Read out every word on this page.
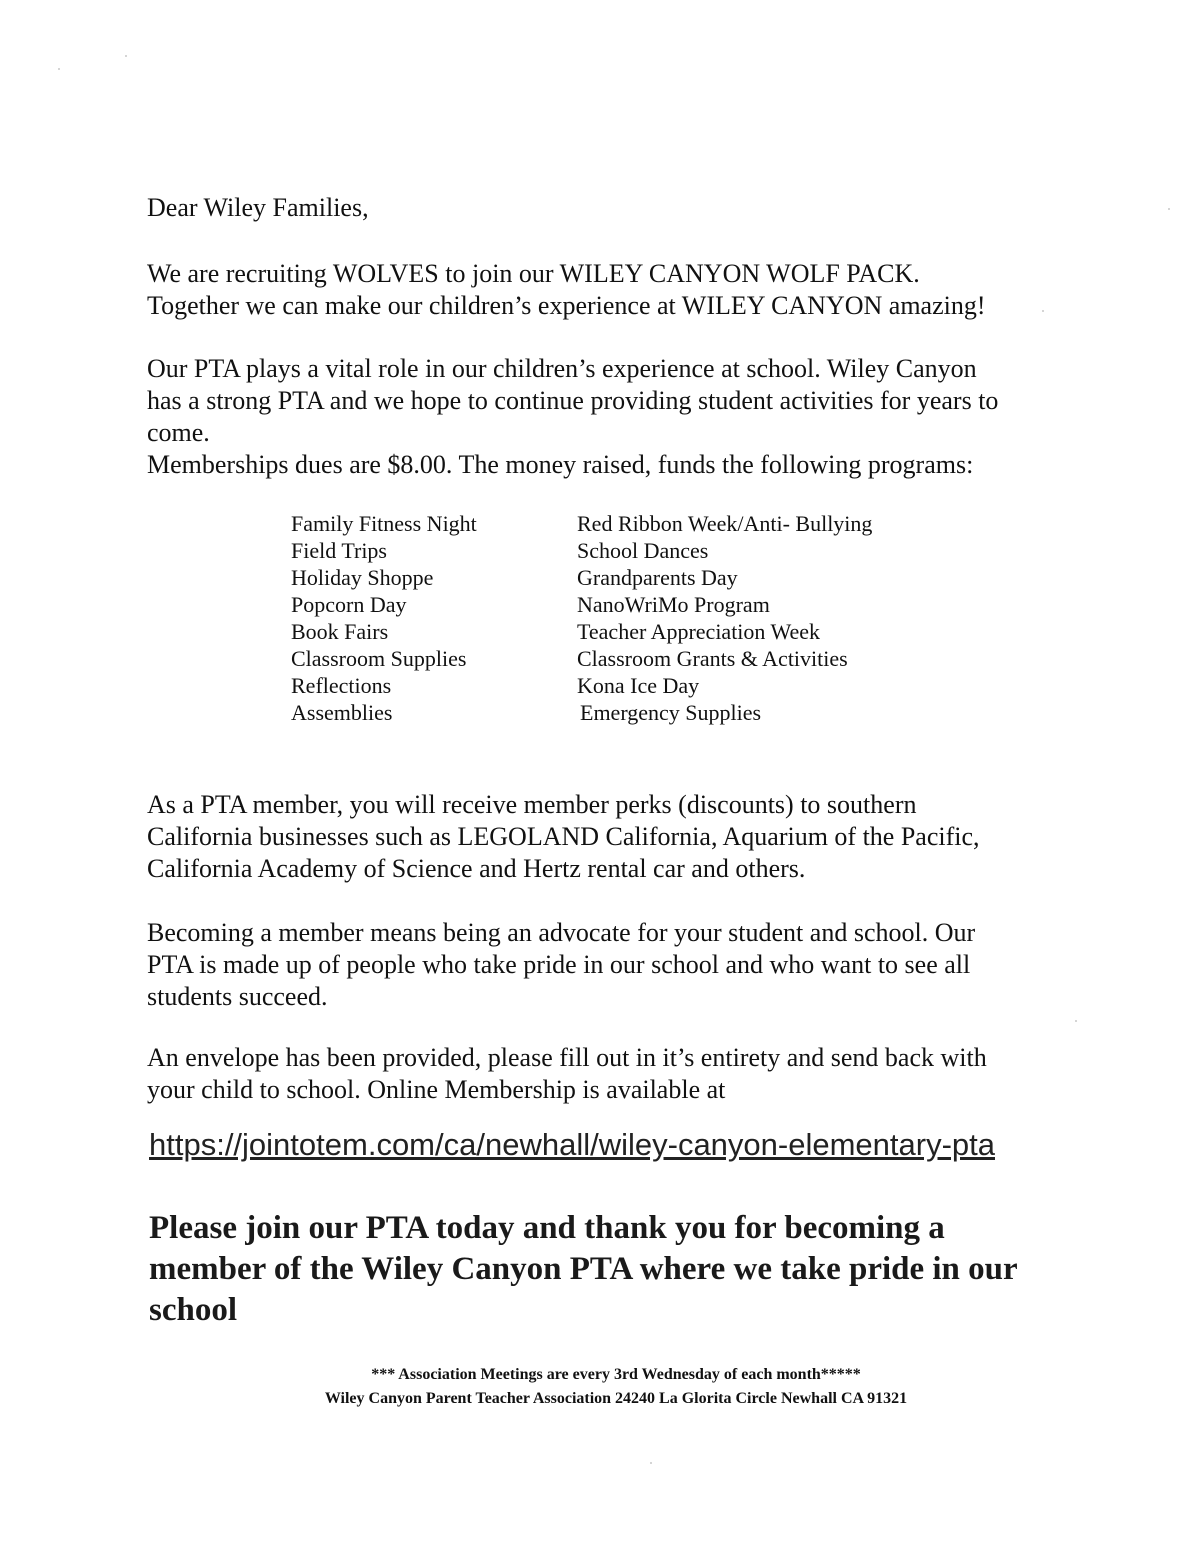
Dear Wiley Families,
We are recruiting WOLVES to join our WILEY CANYON WOLF PACK.
Together we can make our children’s experience at WILEY CANYON amazing!
Our PTA plays a vital role in our children’s experience at school. Wiley Canyon
has a strong PTA and we hope to continue providing student activities for years to
come.
Memberships dues are $8.00. The money raised, funds the following programs:
Family Fitness Night
Field Trips
Holiday Shoppe
Popcorn Day
Book Fairs
Classroom Supplies
Reflections
Assemblies
Red Ribbon Week/Anti- Bullying
School Dances
Grandparents Day
NanoWriMo Program
Teacher Appreciation Week
Classroom Grants & Activities
Kona Ice Day
Emergency Supplies
As a PTA member, you will receive member perks (discounts) to southern
California businesses such as LEGOLAND California, Aquarium of the Pacific,
California Academy of Science and Hertz rental car and others.
Becoming a member means being an advocate for your student and school. Our
PTA is made up of people who take pride in our school and who want to see all
students succeed.
An envelope has been provided, please fill out in it’s entirety and send back with
your child to school. Online Membership is available at
https://jointotem.com/ca/newhall/wiley-canyon-elementary-pta
Please join our PTA today and thank you for becoming a
member of the Wiley Canyon PTA where we take pride in our
school
*** Association Meetings are every 3rd Wednesday of each month*****
Wiley Canyon Parent Teacher Association 24240 La Glorita Circle Newhall CA 91321
